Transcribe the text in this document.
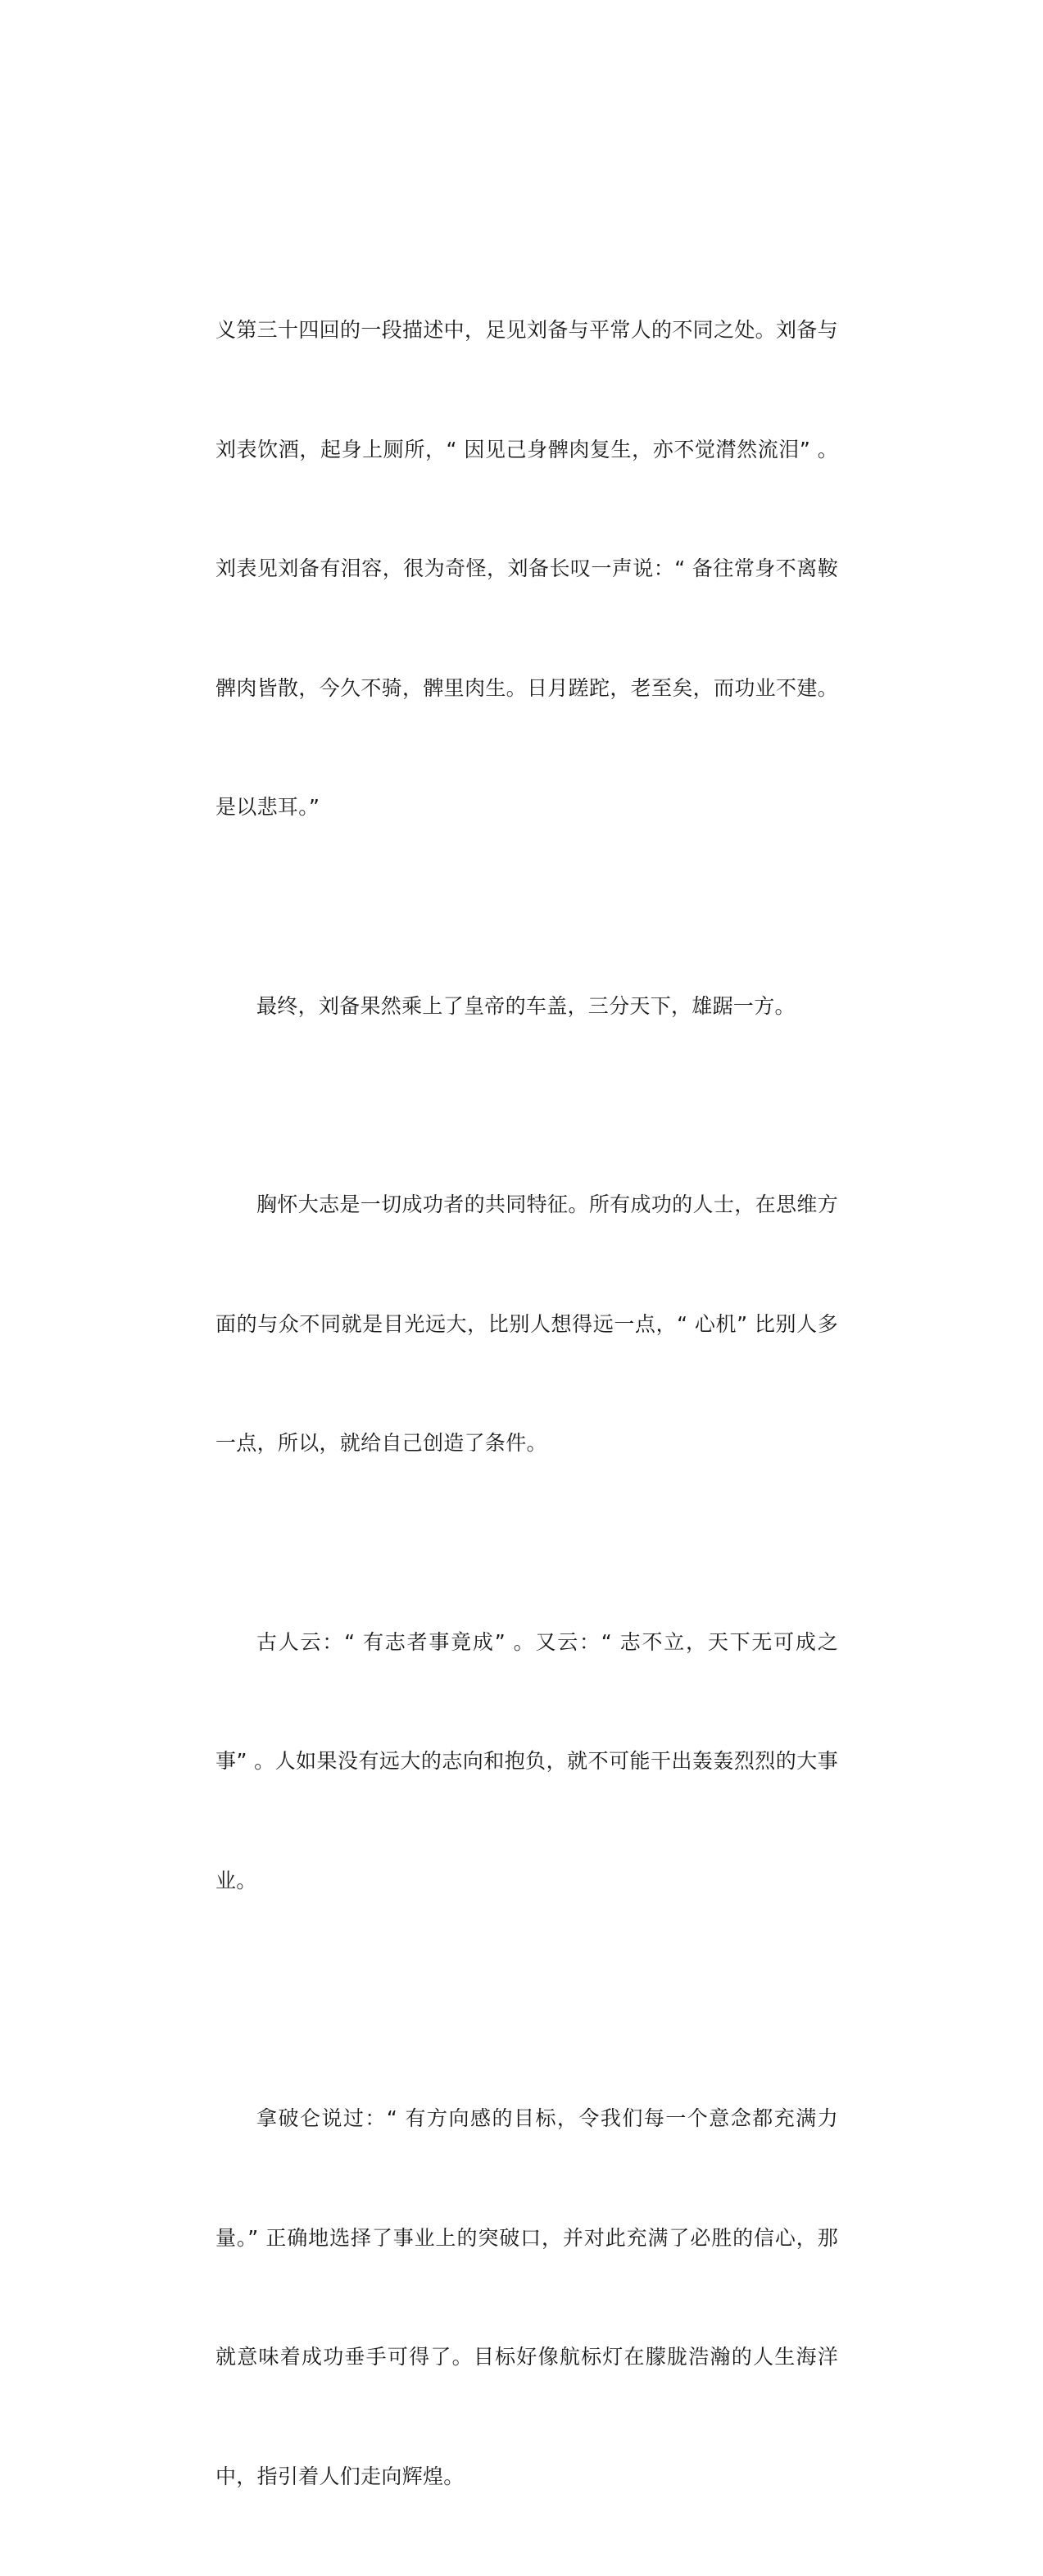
义第三十四回的一段描述中，足见刘备与平常人的不同之处。刘备与

刘表饮酒，起身上厕所，“ 因见己身髀肉复生，亦不觉潸然流泪” 。

刘表见刘备有泪容，很为奇怪，刘备长叹一声说：“ 备往常身不离鞍

髀肉皆散，今久不骑，髀里肉生。日月蹉跎，老至矣，而功业不建。

是以悲耳。”

最终，刘备果然乘上了皇帝的车盖，三分天下，雄踞一方。

胸怀大志是一切成功者的共同特征。所有成功的人士，在思维方

面的与众不同就是目光远大，比别人想得远一点，“ 心机” 比别人多

一点，所以，就给自己创造了条件。

古人云：“ 有志者事竟成” 。又云：“ 志不立，天下无可成之

事” 。人如果没有远大的志向和抱负，就不可能干出轰轰烈烈的大事

业。

拿破仑说过：“ 有方向感的目标，令我们每一个意念都充满力

量。” 正确地选择了事业上的突破口，并对此充满了必胜的信心，那

就意味着成功垂手可得了。目标好像航标灯在朦胧浩瀚的人生海洋

中，指引着人们走向辉煌。
